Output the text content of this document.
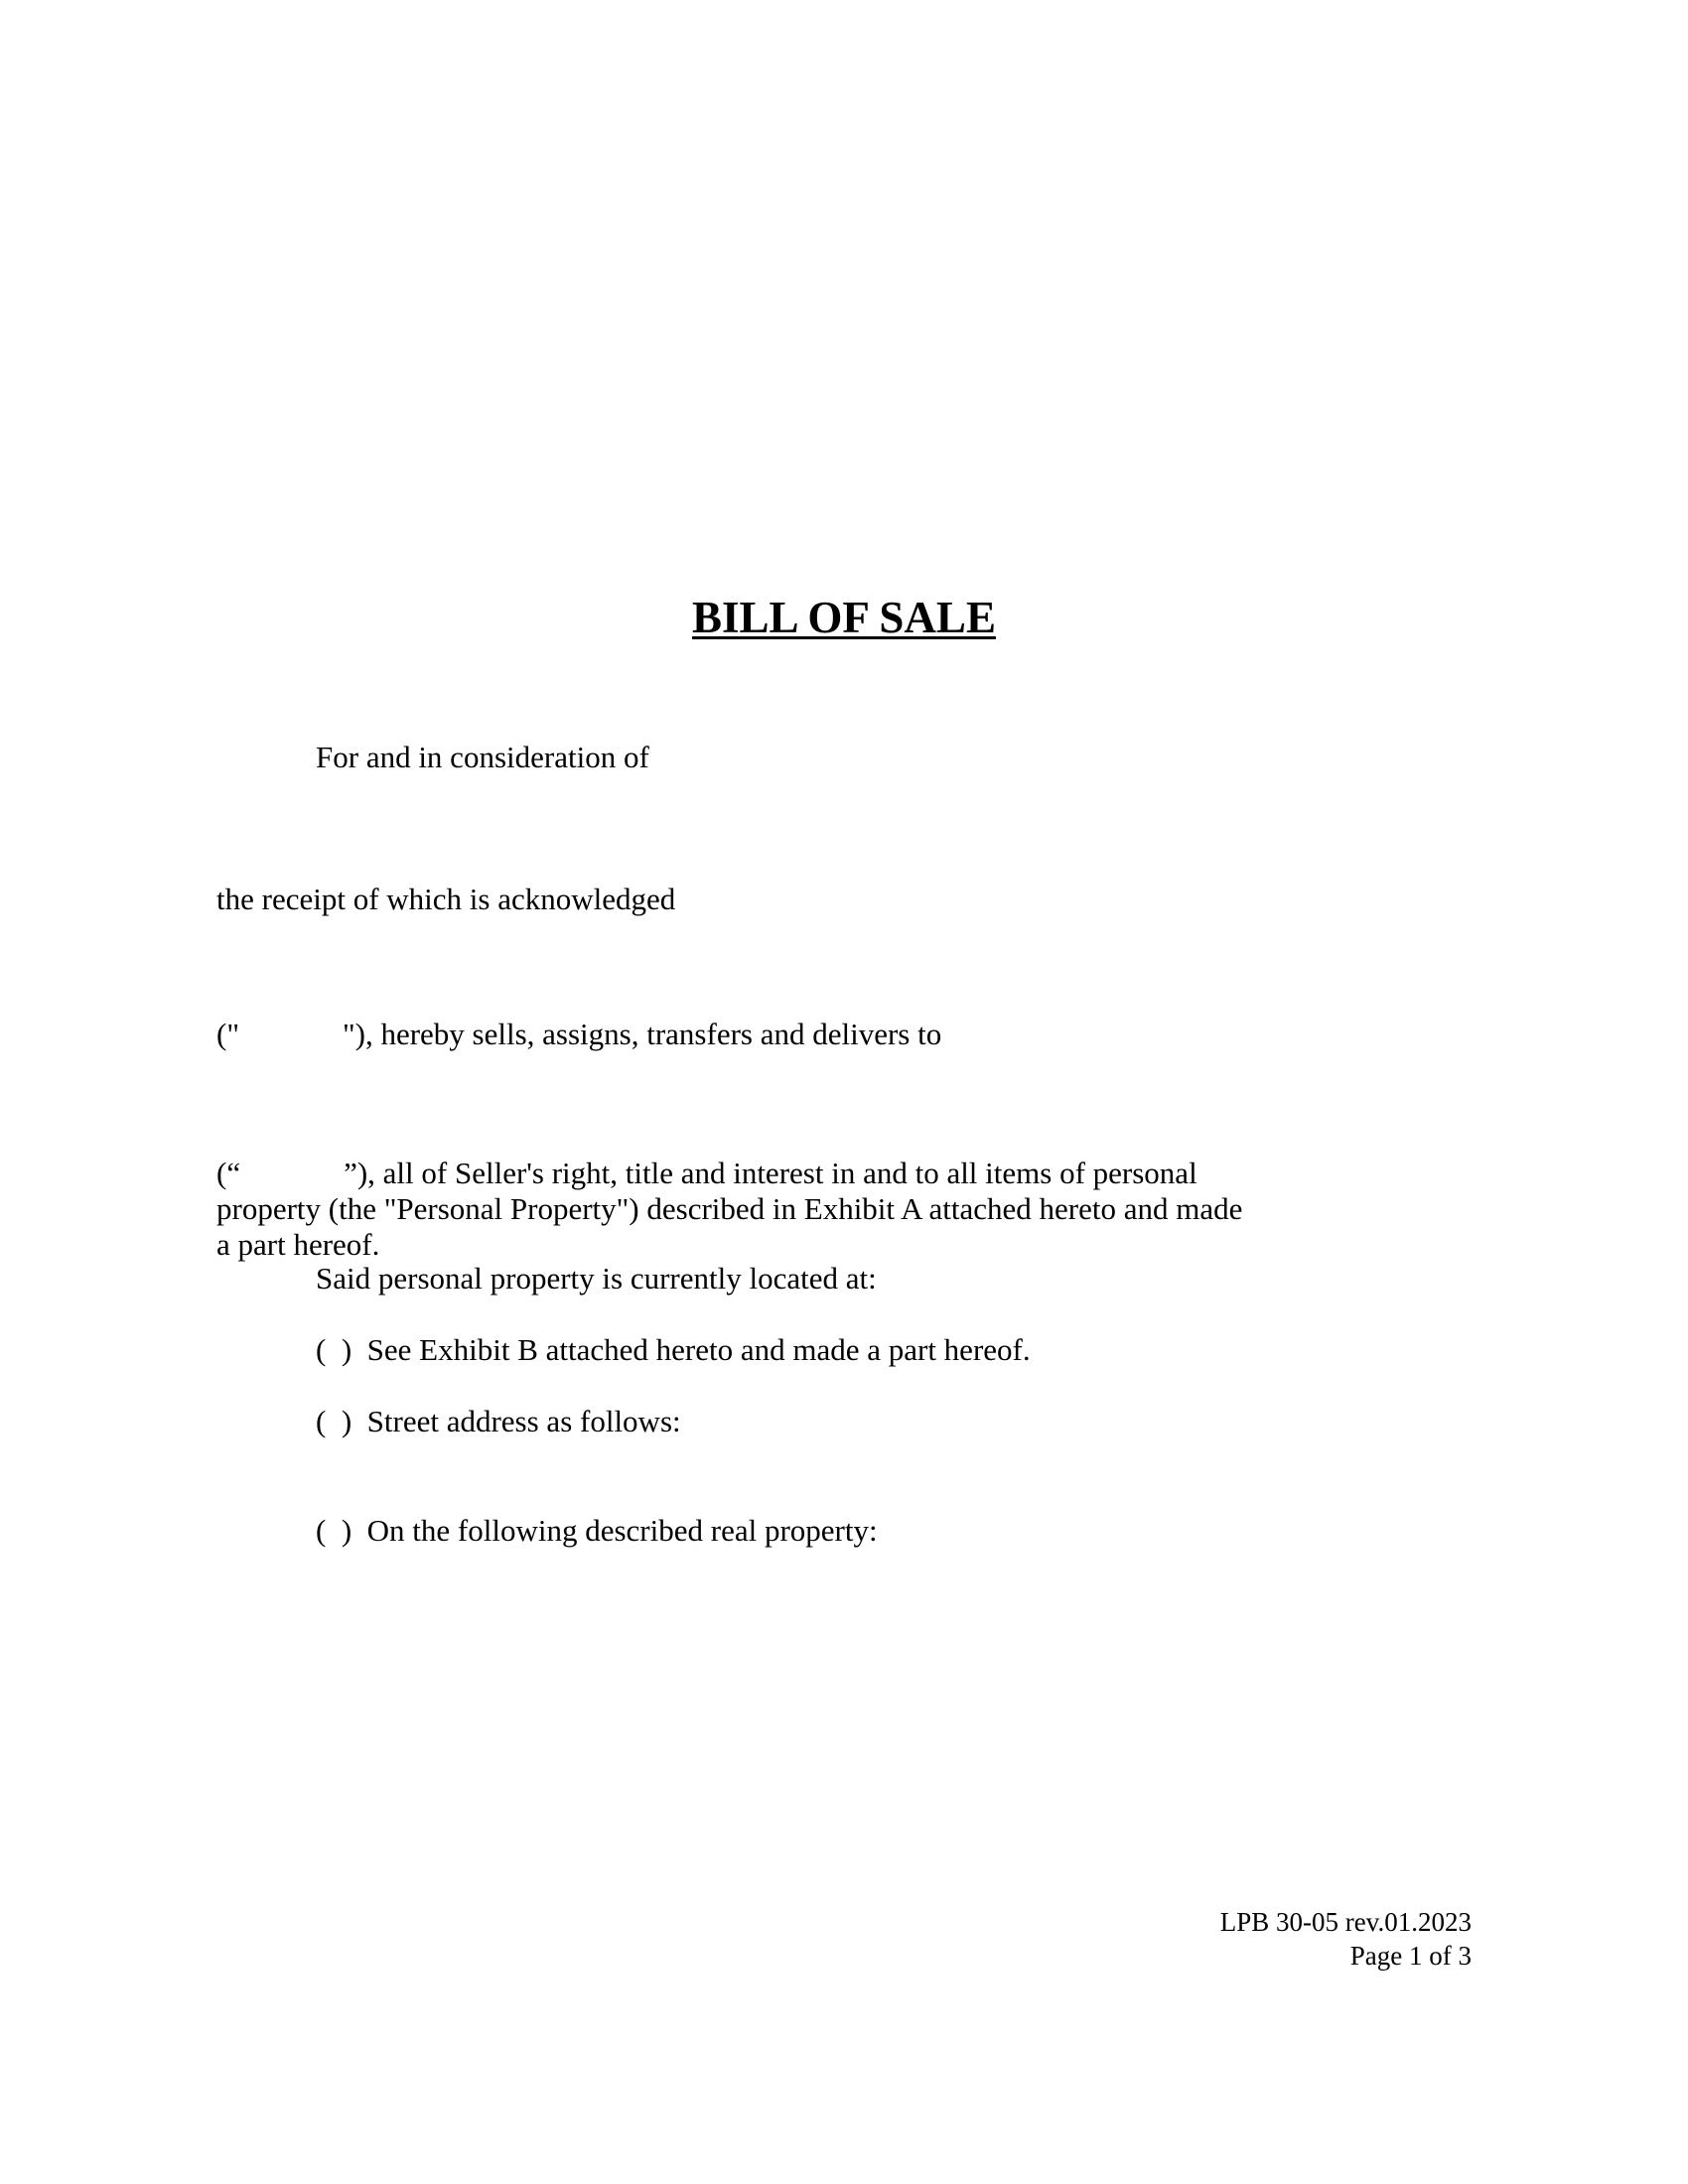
BILL OF SALE
For and in consideration of
the receipt of which is acknowledged
("	"), hereby sells, assigns, transfers and delivers to
(“	”), all of Seller's right, title and interest in and to all items of personal
property (the "Personal Property") described in Exhibit A attached hereto and made
a part hereof.
Said personal property is currently located at:
(  ) See Exhibit B attached hereto and made a part hereof.
(  ) Street address as follows:
(  ) On the following described real property:
LPB 30-05 rev.01.2023
Page 1 of 3
